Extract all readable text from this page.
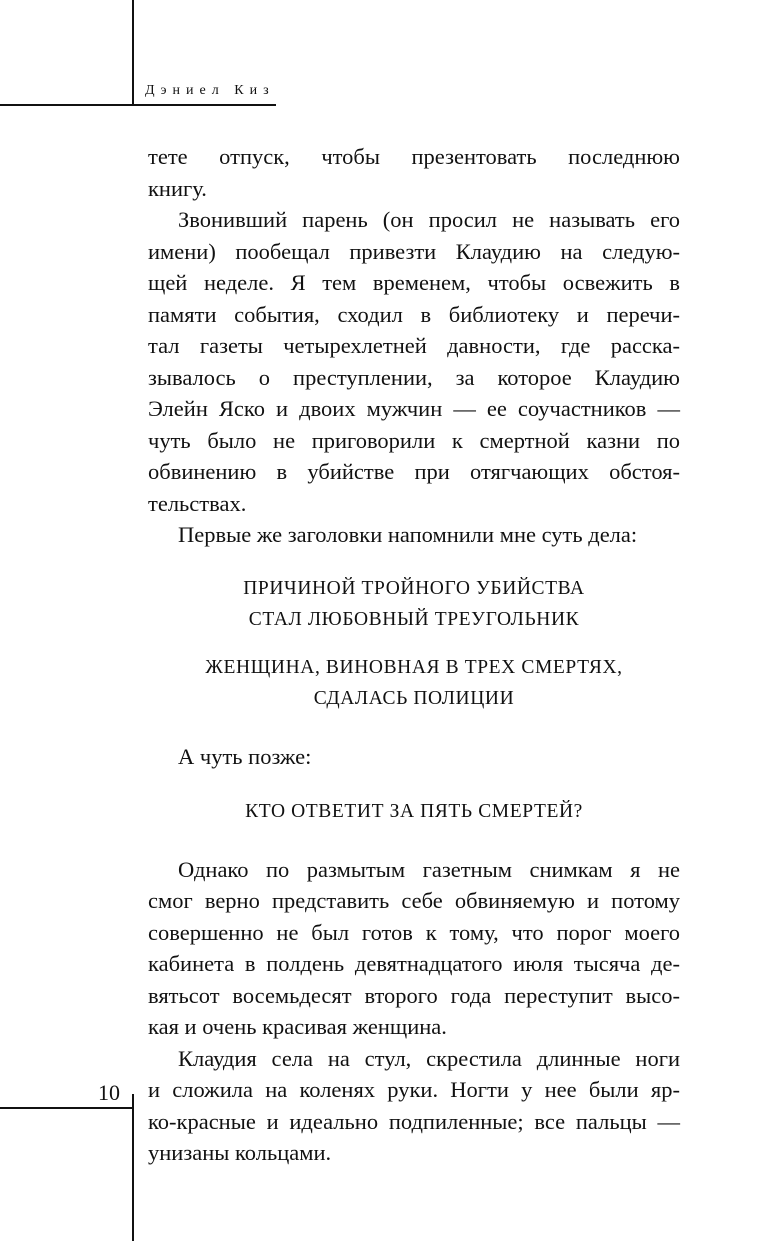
Дэниел Киз
тете отпуск, чтобы презентовать последнюю
книгу.
Звонивший парень (он просил не называть его
имени) пообещал привезти Клаудию на следую-
щей неделе. Я тем временем, чтобы освежить в
памяти события, сходил в библиотеку и перечи-
тал газеты четырехлетней давности, где расска-
зывалось о преступлении, за которое Клаудию
Элейн Яско и двоих мужчин — ее соучастников —
чуть было не приговорили к смертной казни по
обвинению в убийстве при отягчающих обстоя-
тельствах.
Первые же заголовки напомнили мне суть дела:
ПРИЧИНОЙ ТРОЙНОГО УБИЙСТВА
СТАЛ ЛЮБОВНЫЙ ТРЕУГОЛЬНИК
ЖЕНЩИНА, ВИНОВНАЯ В ТРЕХ СМЕРТЯХ,
СДАЛАСЬ ПОЛИЦИИ
А чуть позже:
КТО ОТВЕТИТ ЗА ПЯТЬ СМЕРТЕЙ?
Однако по размытым газетным снимкам я не
смог верно представить себе обвиняемую и потому
совершенно не был готов к тому, что порог моего
кабинета в полдень девятнадцатого июля тысяча де-
вятьсот восемьдесят второго года переступит высо-
кая и очень красивая женщина.
Клаудия села на стул, скрестила длинные ноги
и сложила на коленях руки. Ногти у нее были яр-
ко-красные и идеально подпиленные; все пальцы —
унизаны кольцами.
10
